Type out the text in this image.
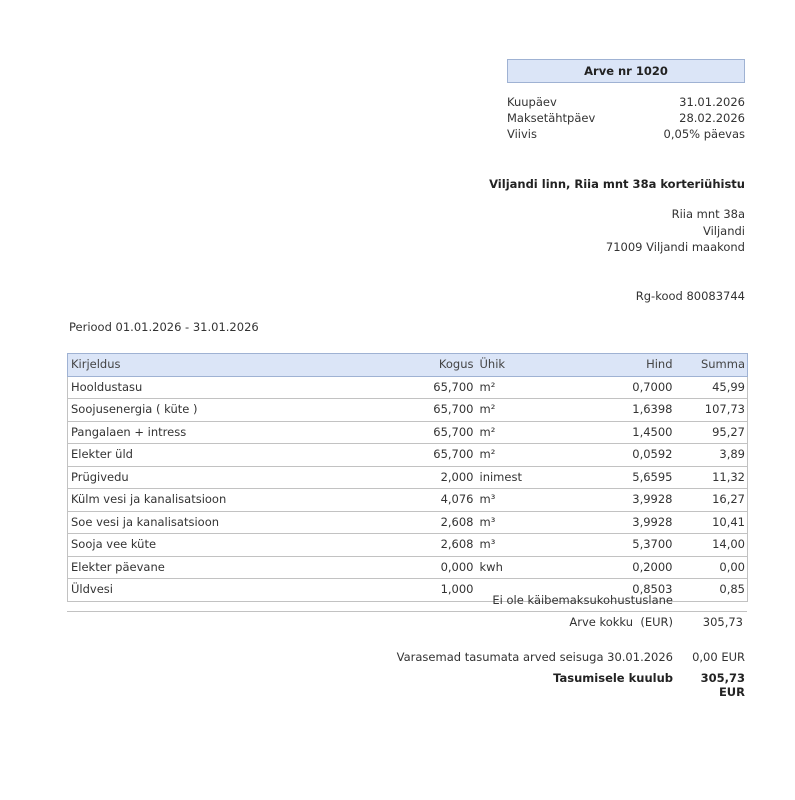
Arve nr 1020
Kuupäev	31.01.2026
Maksetähtpäev	28.02.2026
Viivis	0,05% päevas
Viljandi linn, Riia mnt 38a korteriühistu
Riia mnt 38a
Viljandi
71009 Viljandi maakond
Rg-kood 80083744
Periood 01.01.2026 - 31.01.2026
Kirjeldus	Kogus	Ühik	Hind	Summa
Hooldustasu	65,700	m²	0,7000	45,99
Soojusenergia ( küte )	65,700	m²	1,6398	107,73
Pangalaen + intress	65,700	m²	1,4500	95,27
Elekter üld	65,700	m²	0,0592	3,89
Prügivedu	2,000	inimest	5,6595	11,32
Külm vesi ja kanalisatsioon	4,076	m³	3,9928	16,27
Soe vesi ja kanalisatsioon	2,608	m³	3,9928	10,41
Sooja vee küte	2,608	m³	5,3700	14,00
Elekter päevane	0,000	kwh	0,2000	0,00
Üldvesi	1,000		0,8503	0,85
Ei ole käibemaksukohustuslane
Arve kokku  (EUR)	305,73
Varasemad tasumata arved seisuga 30.01.2026	0,00 EUR
Tasumisele kuulub	305,73 EUR
